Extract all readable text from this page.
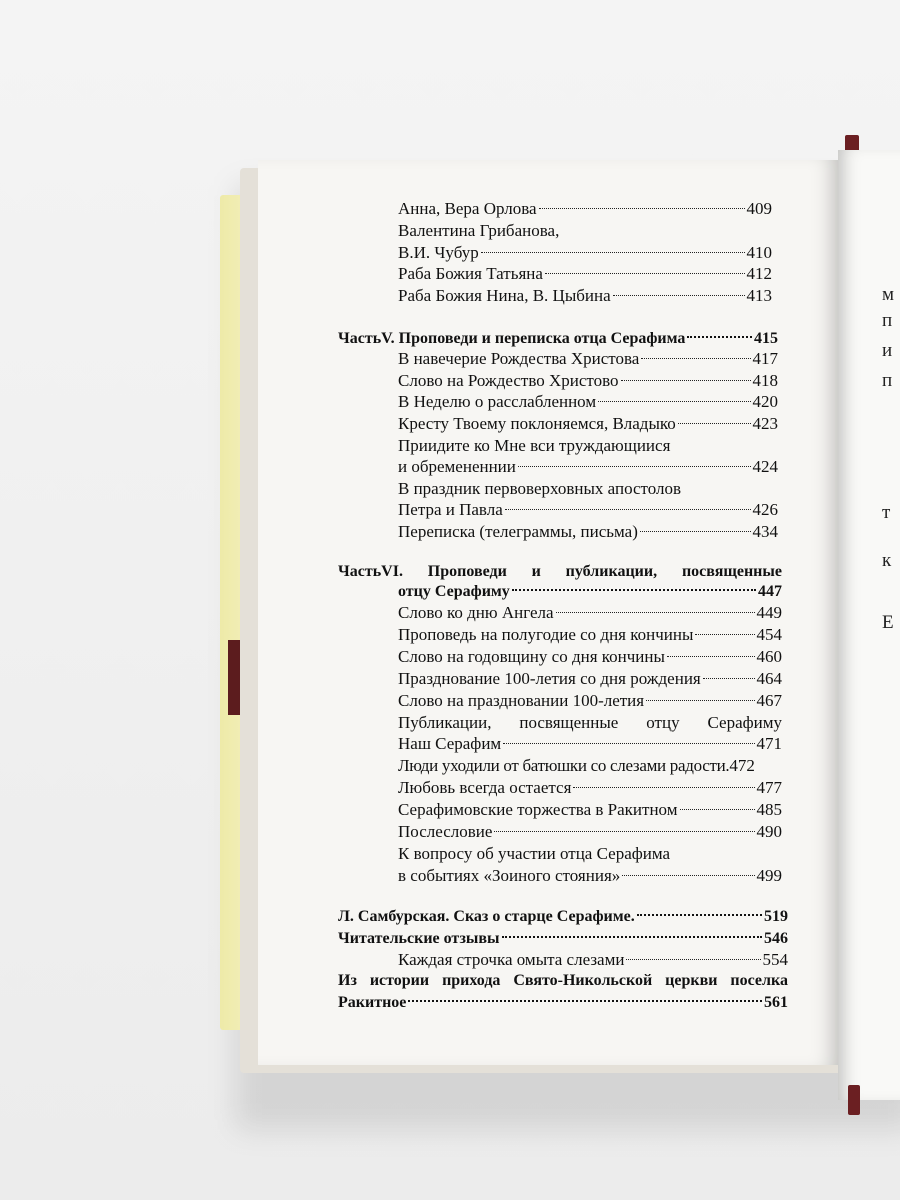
м
п
и
п
т
к
E
Анна, Вера Орлова	409
Валентина Грибанова,
В.И. Чубур	410
Раба Божия Татьяна	412
Раба Божия Нина, В. Цыбина	413
ЧастьV. Проповеди и переписка отца Серафима	415
В навечерие Рождества Христова	417
Слово на Рождество Христово	418
В Неделю о расслабленном	420
Кресту Твоему поклоняемся, Владыко	423
Приидите ко Мне вси труждающиися
и обремененнии	424
В праздник первоверховных апостолов
Петра и Павла	426
Переписка (телеграммы, письма)	434
ЧастьVI. Проповеди и публикации, посвященные
отцу Серафиму	447
Слово ко дню Ангела	449
Проповедь на полугодие со дня кончины	454
Слово на годовщину со дня кончины	460
Празднование 100-летия со дня рождения	464
Слово на праздновании 100-летия	467
Публикации, посвященные отцу Серафиму
Наш Серафим	471
Люди уходили от батюшки со слезами радости. 472
Любовь всегда остается	477
Серафимовские торжества в Ракитном	485
Послесловие	490
К вопросу об участии отца Серафима
в событиях «Зоиного стояния»	499
Л. Самбурская. Сказ о старце Серафиме.	519
Читательские отзывы	546
Каждая строчка омыта слезами	554
Из истории прихода Свято-Никольской церкви поселка
Ракитное	561
